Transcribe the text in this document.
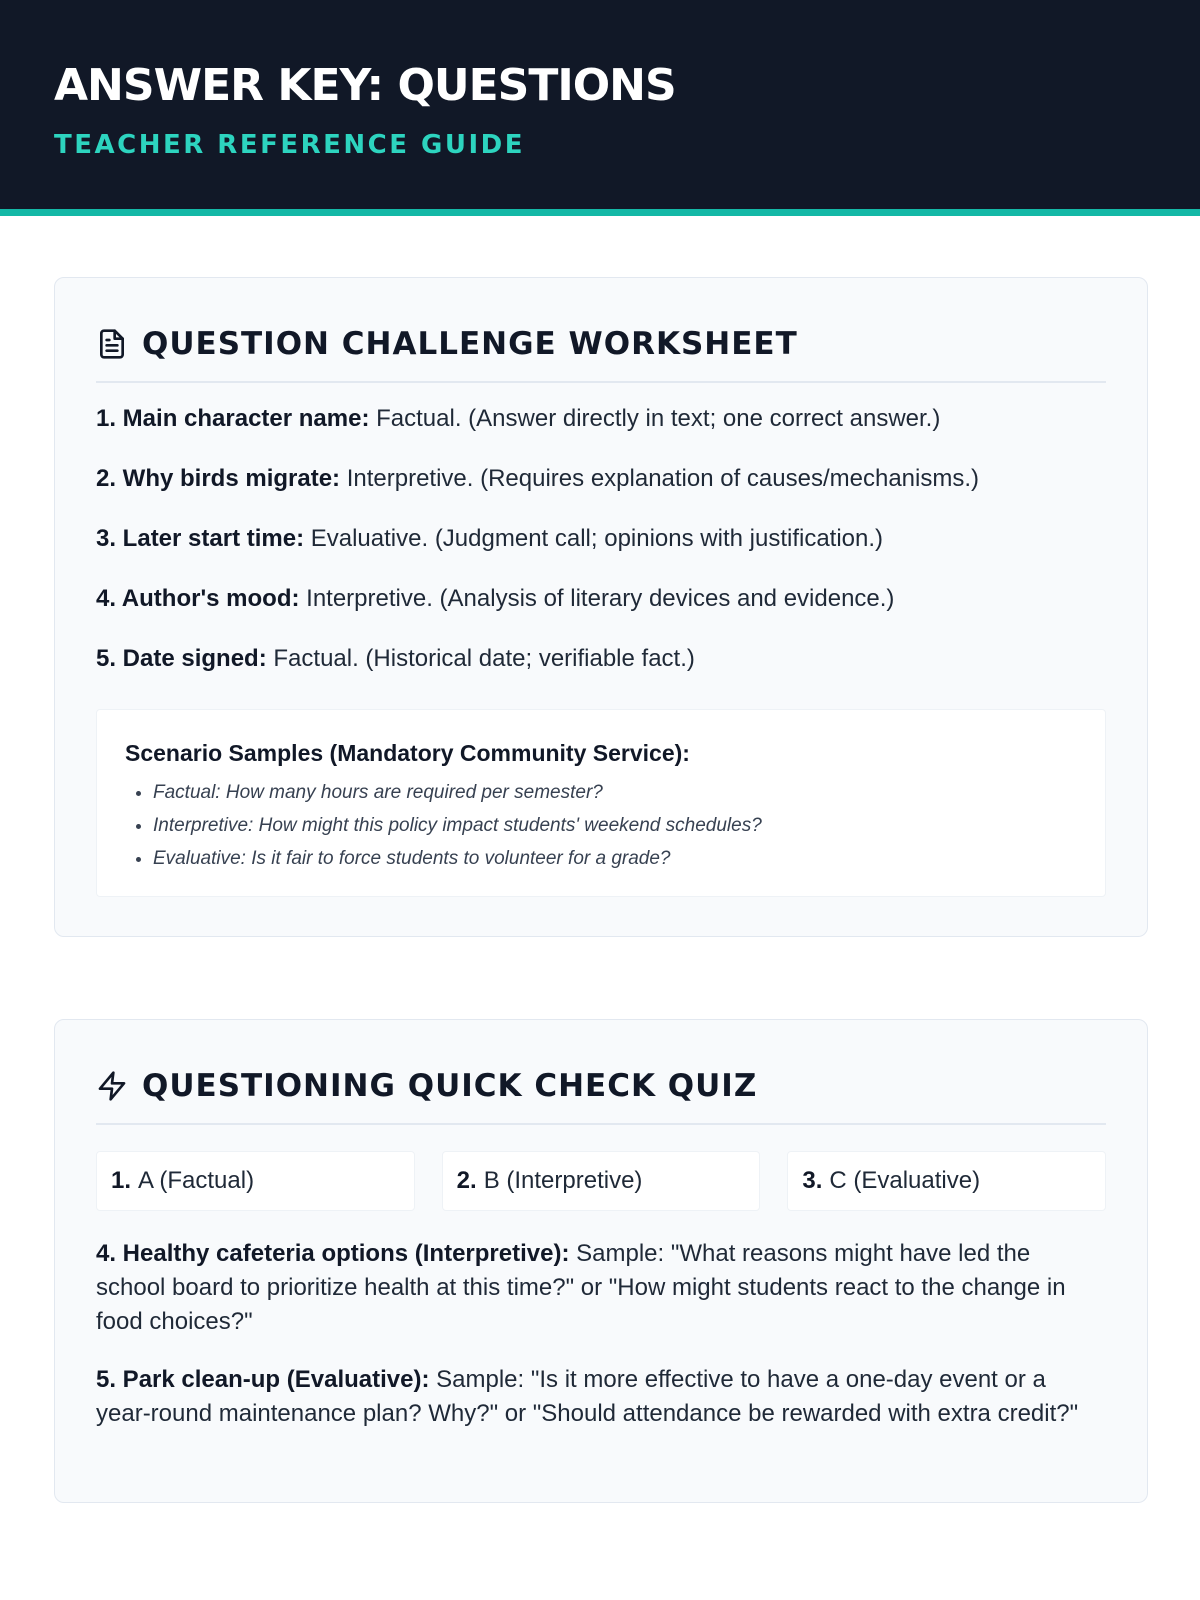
ANSWER KEY: QUESTIONS
TEACHER REFERENCE GUIDE
QUESTION CHALLENGE WORKSHEET
1. Main character name: Factual. (Answer directly in text; one correct answer.)
2. Why birds migrate: Interpretive. (Requires explanation of causes/mechanisms.)
3. Later start time: Evaluative. (Judgment call; opinions with justification.)
4. Author's mood: Interpretive. (Analysis of literary devices and evidence.)
5. Date signed: Factual. (Historical date; verifiable fact.)
Scenario Samples (Mandatory Community Service):
• Factual: How many hours are required per semester?
• Interpretive: How might this policy impact students' weekend schedules?
• Evaluative: Is it fair to force students to volunteer for a grade?
QUESTIONING QUICK CHECK QUIZ
1. A (Factual)	2. B (Interpretive)	3. C (Evaluative)
4. Healthy cafeteria options (Interpretive): Sample: "What reasons might have led the school board to prioritize health at this time?" or "How might students react to the change in food choices?"
5. Park clean-up (Evaluative): Sample: "Is it more effective to have a one-day event or a year-round maintenance plan? Why?" or "Should attendance be rewarded with extra credit?"
